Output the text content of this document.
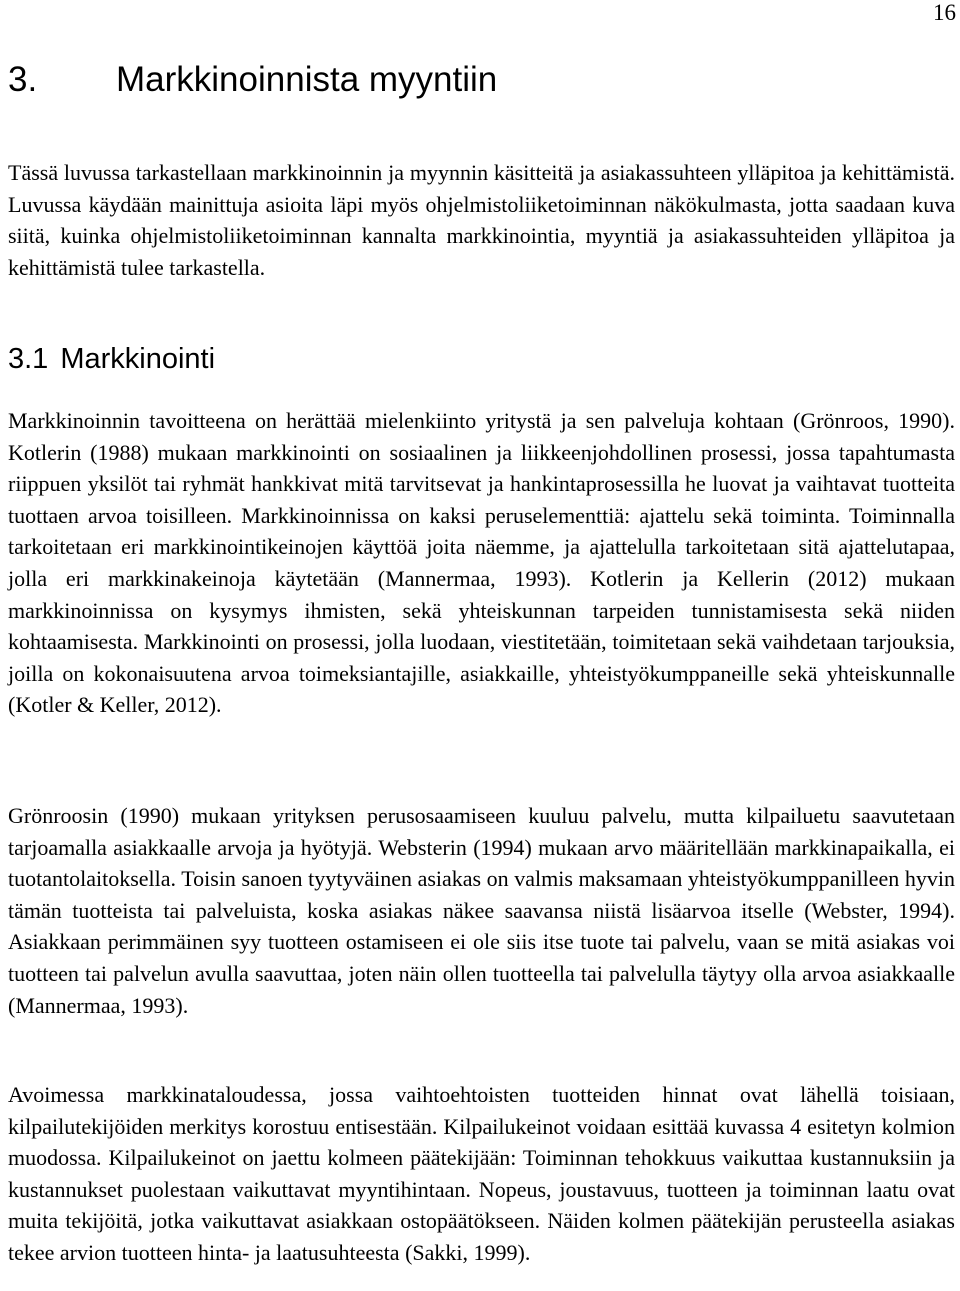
16
3. Markkinoinnista myyntiin

Tässä luvussa tarkastellaan markkinoinnin ja myynnin käsitteitä ja asiakassuhteen ylläpitoa ja kehittämistä. Luvussa käydään mainittuja asioita läpi myös ohjelmistoliiketoiminnan näkökulmasta, jotta saadaan kuva siitä, kuinka ohjelmistoliiketoiminnan kannalta markkinointia, myyntiä ja asiakassuhteiden ylläpitoa ja kehittämistä tulee tarkastella.

3.1 Markkinointi

Markkinoinnin tavoitteena on herättää mielenkiinto yritystä ja sen palveluja kohtaan (Grönroos, 1990). Kotlerin (1988) mukaan markkinointi on sosiaalinen ja liikkeenjohdollinen prosessi, jossa tapahtumasta riippuen yksilöt tai ryhmät hankkivat mitä tarvitsevat ja hankintaprosessilla he luovat ja vaihtavat tuotteita tuottaen arvoa toisilleen. Markkinoinnissa on kaksi peruselementtiä: ajattelu sekä toiminta. Toiminnalla tarkoitetaan eri markkinointikeinojen käyttöä joita näemme, ja ajattelulla tarkoitetaan sitä ajattelutapaa, jolla eri markkinakeinoja käytetään (Mannermaa, 1993). Kotlerin ja Kellerin (2012) mukaan markkinoinnissa on kysymys ihmisten, sekä yhteiskunnan tarpeiden tunnistamisesta sekä niiden kohtaamisesta. Markkinointi on prosessi, jolla luodaan, viestitetään, toimitetaan sekä vaihdetaan tarjouksia, joilla on kokonaisuutena arvoa toimeksiantajille, asiakkaille, yhteistyökumppaneille sekä yhteiskunnalle (Kotler & Keller, 2012).

Grönroosin (1990) mukaan yrityksen perusosaamiseen kuuluu palvelu, mutta kilpailuetu saavutetaan tarjoamalla asiakkaalle arvoja ja hyötyjä. Websterin (1994) mukaan arvo määritellään markkinapaikalla, ei tuotantolaitoksella. Toisin sanoen tyytyväinen asiakas on valmis maksamaan yhteistyökumppanilleen hyvin tämän tuotteista tai palveluista, koska asiakas näkee saavansa niistä lisäarvoa itselle (Webster, 1994). Asiakkaan perimmäinen syy tuotteen ostamiseen ei ole siis itse tuote tai palvelu, vaan se mitä asiakas voi tuotteen tai palvelun avulla saavuttaa, joten näin ollen tuotteella tai palvelulla täytyy olla arvoa asiakkaalle (Mannermaa, 1993).

Avoimessa markkinataloudessa, jossa vaihtoehtoisten tuotteiden hinnat ovat lähellä toisiaan, kilpailutekijöiden merkitys korostuu entisestään. Kilpailukeinot voidaan esittää kuvassa 4 esitetyn kolmion muodossa. Kilpailukeinot on jaettu kolmeen päätekijään: Toiminnan tehokkuus vaikuttaa kustannuksiin ja kustannukset puolestaan vaikuttavat myyntihintaan. Nopeus, joustavuus, tuotteen ja toiminnan laatu ovat muita tekijöitä, jotka vaikuttavat asiakkaan ostopäätökseen. Näiden kolmen päätekijän perusteella asiakas tekee arvion tuotteen hinta- ja laatusuhteesta (Sakki, 1999).
